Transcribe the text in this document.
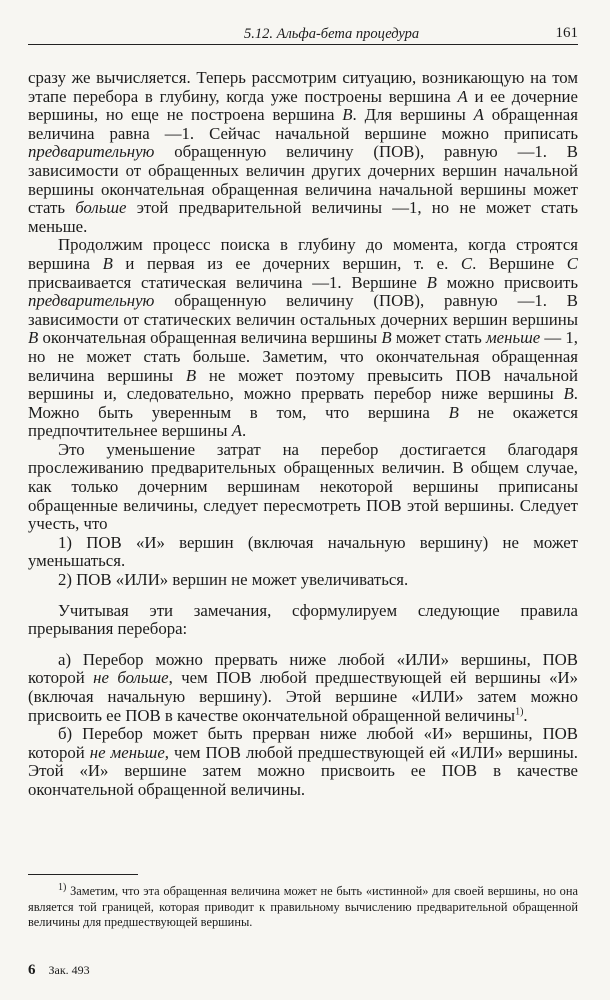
5.12. Альфа-бета процедура	161

сразу же вычисляется. Теперь рассмотрим ситуацию, возникающую на том этапе перебора в глубину, когда уже построены вершина A и ее дочерние вершины, но еще не построена вершина B. Для вершины A обращенная величина равна —1. Сейчас начальной вершине можно приписать предварительную обращенную величину (ПОВ), равную —1. В зависимости от обращенных величин других дочерних вершин начальной вершины окончательная обращенная величина начальной вершины может стать больше этой предварительной величины —1, но не может стать меньше.

Продолжим процесс поиска в глубину до момента, когда строятся вершина B и первая из ее дочерних вершин, т. е. C. Вершине C присваивается статическая величина —1. Вершине B можно присвоить предварительную обращенную величину (ПОВ), равную —1. В зависимости от статических величин остальных дочерних вершин вершины B окончательная обращенная величина вершины B может стать меньше — 1, но не может стать больше. Заметим, что окончательная обращенная величина вершины B не может поэтому превысить ПОВ начальной вершины и, следовательно, можно прервать перебор ниже вершины B. Можно быть уверенным в том, что вершина B не окажется предпочтительнее вершины A.

Это уменьшение затрат на перебор достигается благодаря прослеживанию предварительных обращенных величин. В общем случае, как только дочерним вершинам некоторой вершины приписаны обращенные величины, следует пересмотреть ПОВ этой вершины. Следует учесть, что

1) ПОВ «И» вершин (включая начальную вершину) не может уменьшаться.

2) ПОВ «ИЛИ» вершин не может увеличиваться.

Учитывая эти замечания, сформулируем следующие правила прерывания перебора:

а) Перебор можно прервать ниже любой «ИЛИ» вершины, ПОВ которой не больше, чем ПОВ любой предшествующей ей вершины «И» (включая начальную вершину). Этой вершине «ИЛИ» затем можно присвоить ее ПОВ в качестве окончательной обращенной величины$^{1)}$.

б) Перебор может быть прерван ниже любой «И» вершины, ПОВ которой не меньше, чем ПОВ любой предшествующей ей «ИЛИ» вершины. Этой «И» вершине затем можно присвоить ее ПОВ в качестве окончательной обращенной величины.

$^{1)}$ Заметим, что эта обращенная величина может не быть «истинной» для своей вершины, но она является той границей, которая приводит к правильному вычислению предварительной обращенной величины для предшествующей вершины.

6 Зак. 493
